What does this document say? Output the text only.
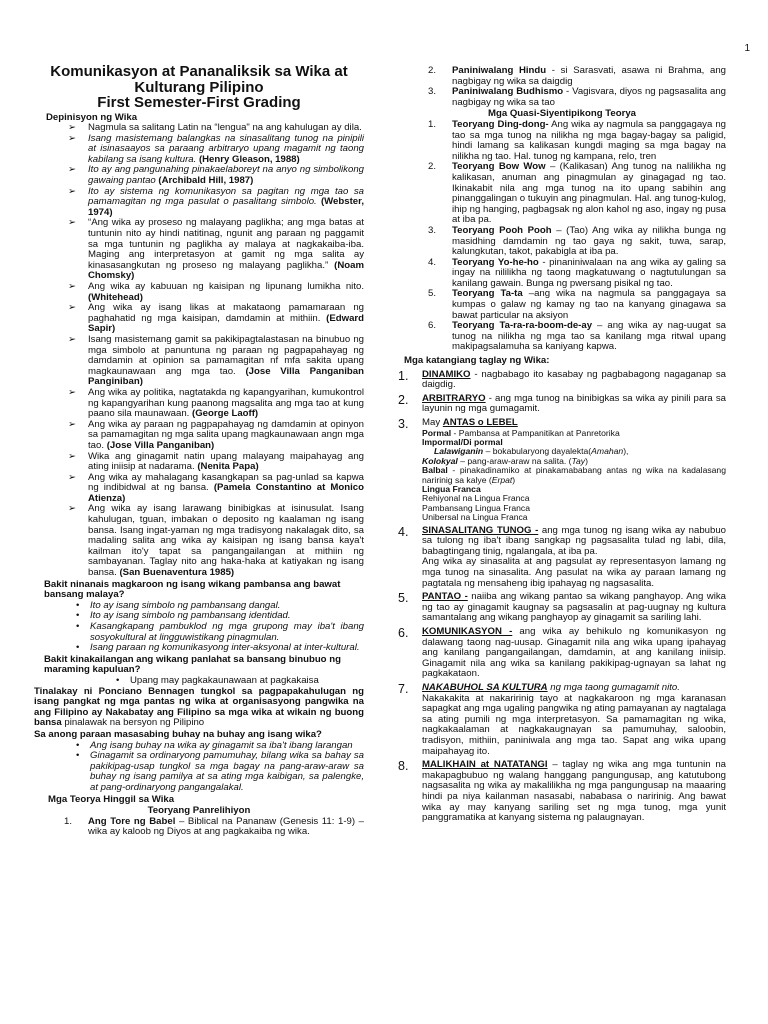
1
Komunikasyon at Pananaliksik sa Wika at
Kulturang Pilipino
First Semester-First Grading
Depinisyon ng Wika
➢ Nagmula sa salitang Latin na “lengua" na ang kahulugan ay dila.
➢ Isang masistemang balangkas na sinasalitang tunog na pinipili at isinasaayos sa paraang arbitraryo upang magamit ng taong kabilang sa isang kultura. (Henry Gleason, 1988)
➢ Ito ay ang pangunahing pinakaelaboreyt na anyo ng simbolikong gawaing pantao (Archibald Hill, 1987)
➢ Ito ay sistema ng komunikasyon sa pagitan ng mga tao sa pamamagitan ng mga pasulat o pasalitang simbolo. (Webster, 1974)
➢ “Ang wika ay proseso ng malayang paglikha; ang mga batas at tuntunin nito ay hindi natitinag, ngunit ang paraan ng paggamit sa mga tuntunin ng paglikha ay malaya at nagkakaiba-iba. Maging ang interpretasyon at gamit ng mga salita ay kinasasangkutan ng proseso ng malayang paglikha.” (Noam Chomsky)
➢ Ang wika ay kabuuan ng kaisipan ng lipunang lumikha nito. (Whitehead)
➢ Ang wika ay isang likas at makataong pamamaraan ng paghahatid ng mga kaisipan, damdamin at mithiin. (Edward Sapir)
➢ Isang masistemang gamit sa pakikipagtalastasan na binubuo ng mga simbolo at panuntuna ng paraan ng pagpapahayag ng damdamin at opinion sa pamamagitan nf mfa sakita upang magkaunawaan ang mga tao. (Jose Villa Panganiban Panginiban)
➢ Ang wika ay politika, nagtatakda ng kapangyarihan, kumukontrol ng kapangyarihan kung paanong magsalita ang mga tao at kung paano sila maunawaan. (George Laoff)
➢ Ang wika ay paraan ng pagpapahayag ng damdamin at opinyon sa pamamagitan ng mga salita upang magkaunawaan angn mga tao. (Jose Villa Panganiban)
➢ Wika ang ginagamit natin upang malayang maipahayag ang ating iniisip at nadarama. (Nenita Papa)
➢ Ang wika ay mahalagang kasangkapan sa pag-unlad sa kapwa ng indibidwal at ng bansa. (Pamela Constantino at Monico Atienza)
➢ Ang wika ay isang larawang binibigkas at isinusulat. Isang kahulugan, tguan, imbakan o deposito ng kaalaman ng isang bansa. Isang ingat-yaman ng mga tradisyong nakalagak dito, sa madaling salita ang wika ay kaisipan ng isang bansa kaya't kailman ito'y tapat sa pangangailangan at mithiin ng sambayanan. Taglay nito ang haka-haka at katiyakan ng isang bansa. (San Buenaventura 1985)
Bakit ninanais magkaroon ng isang wikang pambansa ang bawat bansang malaya?
• Ito ay isang simbolo ng pambansang dangal.
• Ito ay isang simbolo ng pambansang identidad.
• Kasangkapang pambuklod ng mga grupong may iba't ibang sosyokultural at lingguwistikang pinagmulan.
• Isang paraan ng komunikasyong inter-aksyonal at inter-kultural.
Bakit kinakailangan ang wikang panlahat sa bansang binubuo ng maraming kapuluan?
• Upang may pagkakaunawaan at pagkakaisa
Tinalakay ni Ponciano Bennagen tungkol sa pagpapakahulugan ng isang pangkat ng mga pantas ng wika at organisasyong pangwika na ang Filipino ay Nakabatay ang Filipino sa mga wika at wikain ng buong bansa pinalawak na bersyon ng Pilipino
Sa anong paraan masasabing buhay na buhay ang isang wika?
• Ang isang buhay na wika ay ginagamit sa iba't ibang larangan
• Ginagamit sa ordinaryong pamumuhay, bilang wika sa bahay sa pakikipag-usap tungkol sa mga bagay na pang-araw-araw sa buhay ng isang pamilya at sa ating mga kaibigan, sa palengke, at pang-ordinaryong pangangalakal.
Mga Teorya Hinggil sa Wika
Teoryang Panrelihiyon
1. Ang Tore ng Babel – Biblical na Pananaw (Genesis 11: 1-9) – wika ay kaloob ng Diyos at ang pagkakaiba ng wika.
2. Paniniwalang Hindu - si Sarasvati, asawa ni Brahma, ang nagbigay ng wika sa daigdig
3. Paniniwalang Budhismo - Vagisvara, diyos ng pagsasalita ang nagbigay ng wika sa tao
Mga Quasi-Siyentipikong Teorya
1. Teoryang Ding-dong- Ang wika ay nagmula sa panggagaya ng tao sa mga tunog na nilikha ng mga bagay-bagay sa paligid, hindi lamang sa kalikasan kungdi maging sa mga bagay na nilikha ng tao. Hal. tunog ng kampana, relo, tren
2. Teoryang Bow Wow – (Kalikasan) Ang tunog na nalilikha ng kalikasan, anuman ang pinagmulan ay ginagagad ng tao. Ikinakabit nila ang mga tunog na ito upang sabihin ang pinanggalingan o tukuyin ang pinagmulan. Hal. ang tunog-kulog, ihip ng hanging, pagbagsak ng alon kahol ng aso, ingay ng pusa at iba pa.
3. Teoryang Pooh Pooh – (Tao) Ang wika ay nilikha bunga ng masidhing damdamin ng tao gaya ng sakit, tuwa, sarap, kalungkutan, takot, pakabigla at iba pa.
4. Teoryang Yo-he-ho - pinaniniwalaan na ang wika ay galing sa ingay na nililikha ng taong magkatuwang o nagtutulungan sa kanilang gawain. Bunga ng pwersang pisikal ng tao.
5. Teoryang Ta-ta –ang wika na nagmula sa panggagaya sa kumpas o galaw ng kamay ng tao na kanyang ginagawa sa bawat particular na aksiyon
6. Teoryang Ta-ra-ra-boom-de-ay – ang wika ay nag-uugat sa tunog na nilikha ng mga tao sa kanilang mga ritwal upang makipagsalamuha sa kaniyang kapwa.
Mga katangiang taglay ng Wika:
1. DINAMIKO - nagbabago ito kasabay ng pagbabagong nagaganap sa daigdig.
2. ARBITRARYO - ang mga tunog na binibigkas sa wika ay pinili para sa layunin ng mga gumagamit.
3. May ANTAS o LEBEL
Pormal - Pambansa at Pampanitikan at Panretorika
Impormal/Di pormal
Lalawiganin – bokabularyong dayalekta(Amahan),
Kolokyal – pang-araw-araw na salita. (Tay)
Balbal - pinakadinamiko at pinakamababang antas ng wika na kadalasang naririnig sa kalye (Erpat)
Lingua Franca
Rehiyonal na Lingua Franca
Pambansang Lingua Franca
Unibersal na Lingua Franca
4. SINASALITANG TUNOG - ang mga tunog ng isang wika ay nabubuo sa tulong ng iba't ibang sangkap ng pagsasalita tulad ng labi, dila, babagtingang tinig, ngalangala, at iba pa.
Ang wika ay sinasalita at ang pagsulat ay representasyon lamang ng mga tunog na sinasalita. Ang pasulat na wika ay paraan lamang ng pagtatala ng mensaheng ibig ipahayag ng nagsasalita.
5. PANTAO - naiiba ang wikang pantao sa wikang panghayop. Ang wika ng tao ay ginagamit kaugnay sa pagsasalin at pag-uugnay ng kultura samantalang ang wikang panghayop ay ginagamit sa sariling lahi.
6. KOMUNIKASYON - ang wika ay behikulo ng komunikasyon ng dalawang taong nag-uusap. Ginagamit nila ang wika upang ipahayag ang kanilang pangangailangan, damdamin, at ang kanilang iniisip. Ginagamit nila ang wika sa kanilang pakikipag-ugnayan sa lahat ng pagkakataon.
7. NAKABUHOL SA KULTURA ng mga taong gumagamit nito.
Nakakakita at nakaririnig tayo at nagkakaroon ng mga karanasan sapagkat ang mga ugaling pangwika ng ating pamayanan ay nagtalaga sa ating pumili ng mga interpretasyon. Sa pamamagitan ng wika, nagkakaalaman at nagkakaugnayan sa pamumuhay, saloobin, tradisyon, mithiin, paniniwala ang mga tao. Sapat ang wika upang maipahayag ito.
8. MALIKHAIN at NATATANGI – taglay ng wika ang mga tuntunin na makapagbubuo ng walang hanggang pangungusap, ang katutubong nagsasalita ng wika ay makalilikha ng mga pangungusap na maaaring hindi pa niya kailanman nasasabi, nababasa o naririnig. Ang bawat wika ay may kanyang sariling set ng mga tunog, mga yunit panggramatika at kanyang sistema ng palaugnayan.
